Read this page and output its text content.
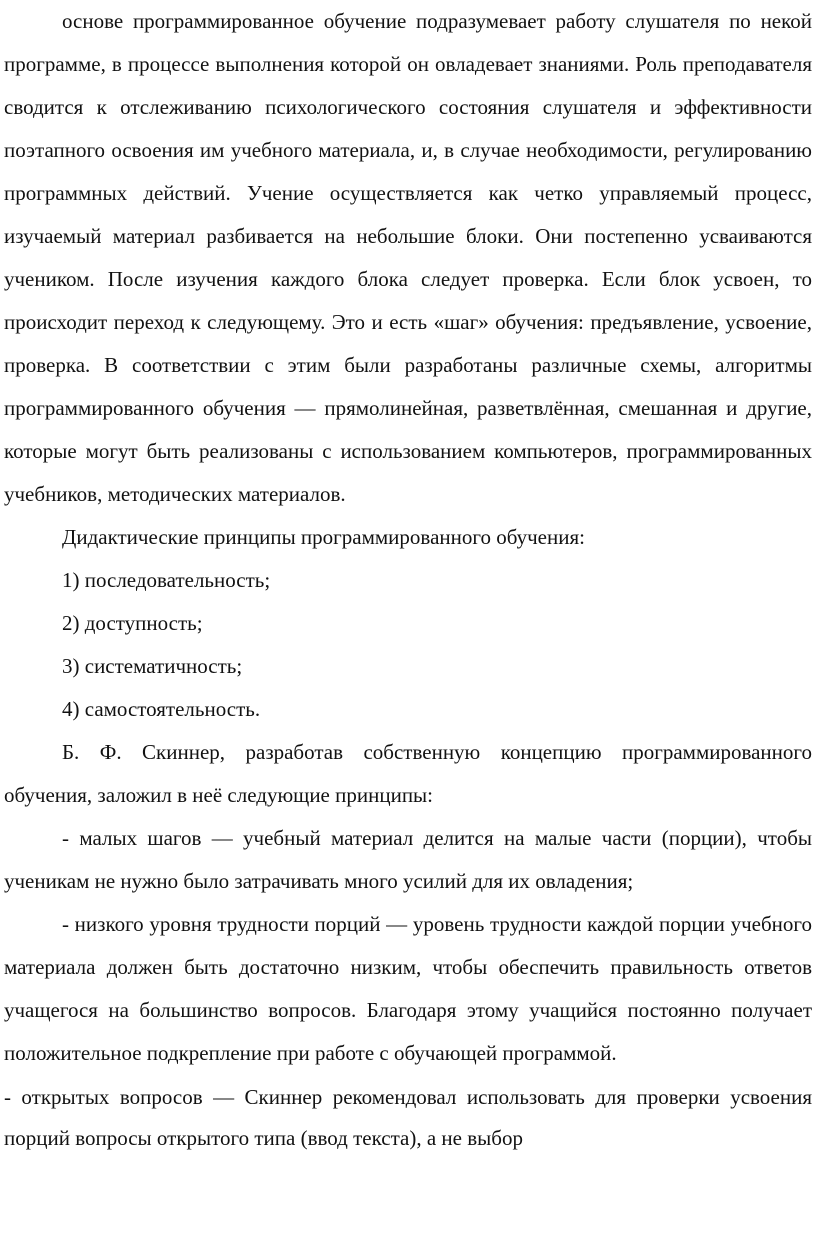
основе программированное обучение подразумевает работу слушателя по некой программе, в процессе выполнения которой он овладевает знаниями. Роль преподавателя сводится к отслеживанию психологического состояния слушателя и эффективности поэтапного освоения им учебного материала, и, в случае необходимости, регулированию программных действий. Учение осуществляется как четко управляемый процесс, изучаемый материал разбивается на небольшие блоки. Они постепенно усваиваются учеником. После изучения каждого блока следует проверка. Если блок усвоен, то происходит переход к следующему. Это и есть «шаг» обучения: предъявление, усвоение, проверка. В соответствии с этим были разработаны различные схемы, алгоритмы программированного обучения — прямолинейная, разветвлённая, смешанная и другие, которые могут быть реализованы с использованием компьютеров, программированных учебников, методических материалов.

Дидактические принципы программированного обучения:

1) последовательность;

2) доступность;

3) систематичность;

4) самостоятельность.

Б. Ф. Скиннер, разработав собственную концепцию программированного обучения, заложил в неё следующие принципы:

- малых шагов — учебный материал делится на малые части (порции), чтобы ученикам не нужно было затрачивать много усилий для их овладения;

- низкого уровня трудности порций — уровень трудности каждой порции учебного материала должен быть достаточно низким, чтобы обеспечить правильность ответов учащегося на большинство вопросов. Благодаря этому учащийся постоянно получает положительное подкрепление при работе с обучающей программой.

- открытых вопросов — Скиннер рекомендовал использовать для проверки усвоения порций вопросы открытого типа (ввод текста), а не выбор
